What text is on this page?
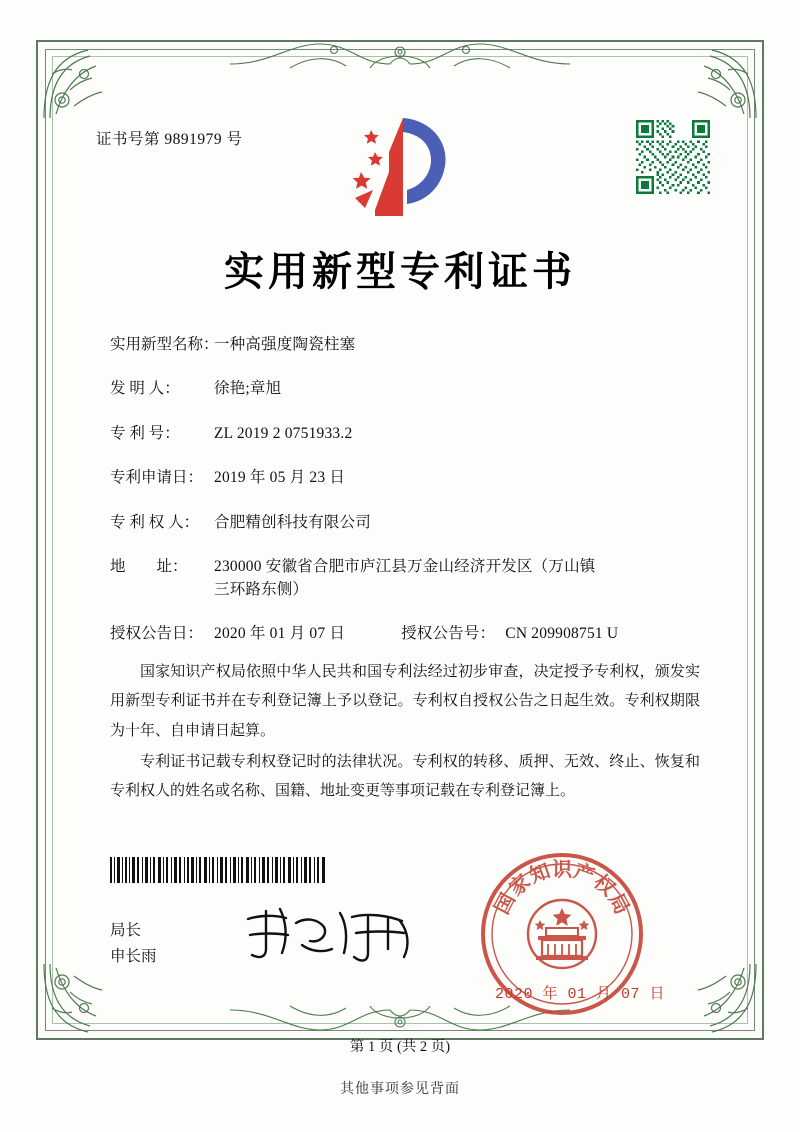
证书号第 9891979 号
实用新型专利证书
实用新型名称：
一种高强度陶瓷柱塞
发 明 人：	徐艳;章旭
专 利 号：	ZL 2019 2 0751933.2
专利申请日： 2019 年 05 月 23 日
专 利 权 人： 合肥精创科技有限公司
地        址：	230000 安徽省合肥市庐江县万金山经济开发区（万山镇
三环路东侧）
授权公告日： 2020 年 01 月 07 日	授权公告号： CN 209908751 U

国家知识产权局依照中华人民共和国专利法经过初步审查，决定授予专利权，颁发实用新型专利证书并在专利登记簿上予以登记。专利权自授权公告之日起生效。专利权期限为十年、自申请日起算。

专利证书记载专利权登记时的法律状况。专利权的转移、质押、无效、终止、恢复和专利权人的姓名或名称、国籍、地址变更等事项记载在专利登记簿上。

局长
申长雨
国
家
知
识
产
权
局
2020 年 01 月 07 日
第 1 页 (共 2 页)
其他事项参见背面
